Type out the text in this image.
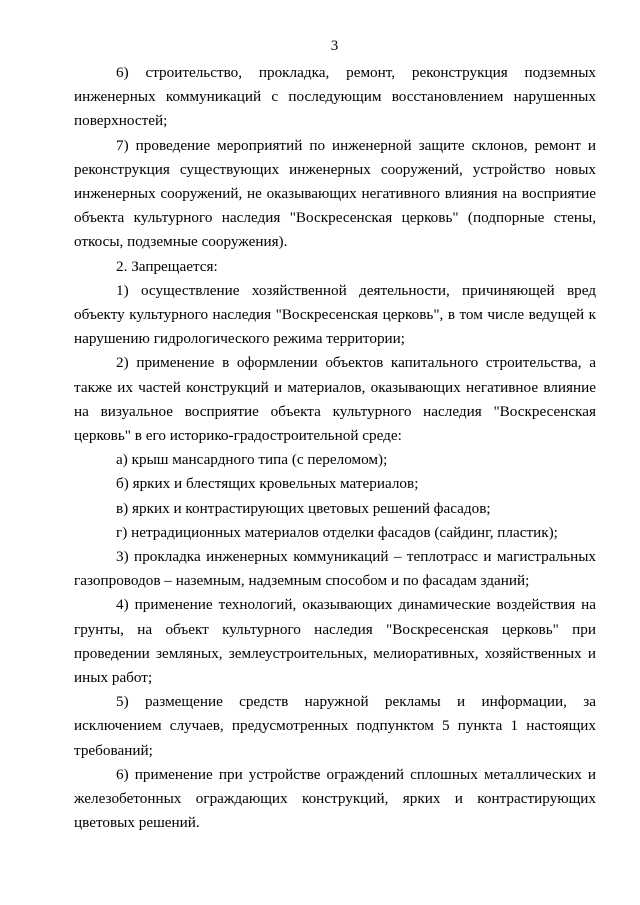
3

6) строительство, прокладка, ремонт, реконструкция подземных инженерных коммуникаций с последующим восстановлением нарушенных поверхностей;

7) проведение мероприятий по инженерной защите склонов, ремонт и реконструкция существующих инженерных сооружений, устройство новых инженерных сооружений, не оказывающих негативного влияния на восприятие объекта культурного наследия "Воскресенская церковь" (подпорные стены, откосы, подземные сооружения).

2. Запрещается:

1) осуществление хозяйственной деятельности, причиняющей вред объекту культурного наследия "Воскресенская церковь", в том числе ведущей к нарушению гидрологического режима территории;

2) применение в оформлении объектов капитального строительства, а также их частей конструкций и материалов, оказывающих негативное влияние на визуальное восприятие объекта культурного наследия "Воскресенская церковь" в его историко-градостроительной среде:

а) крыш мансардного типа (с переломом);

б) ярких и блестящих кровельных материалов;

в) ярких и контрастирующих цветовых решений фасадов;

г) нетрадиционных материалов отделки фасадов (сайдинг, пластик);

3) прокладка инженерных коммуникаций – теплотрасс и магистральных газопроводов – наземным, надземным способом и по фасадам зданий;

4) применение технологий, оказывающих динамические воздействия на грунты, на объект культурного наследия "Воскресенская церковь" при проведении земляных, землеустроительных, мелиоративных, хозяйственных и иных работ;

5) размещение средств наружной рекламы и информации, за исключением случаев, предусмотренных подпунктом 5 пункта 1 настоящих требований;

6) применение при устройстве ограждений сплошных металлических и железобетонных ограждающих конструкций, ярких и контрастирующих цветовых решений.
